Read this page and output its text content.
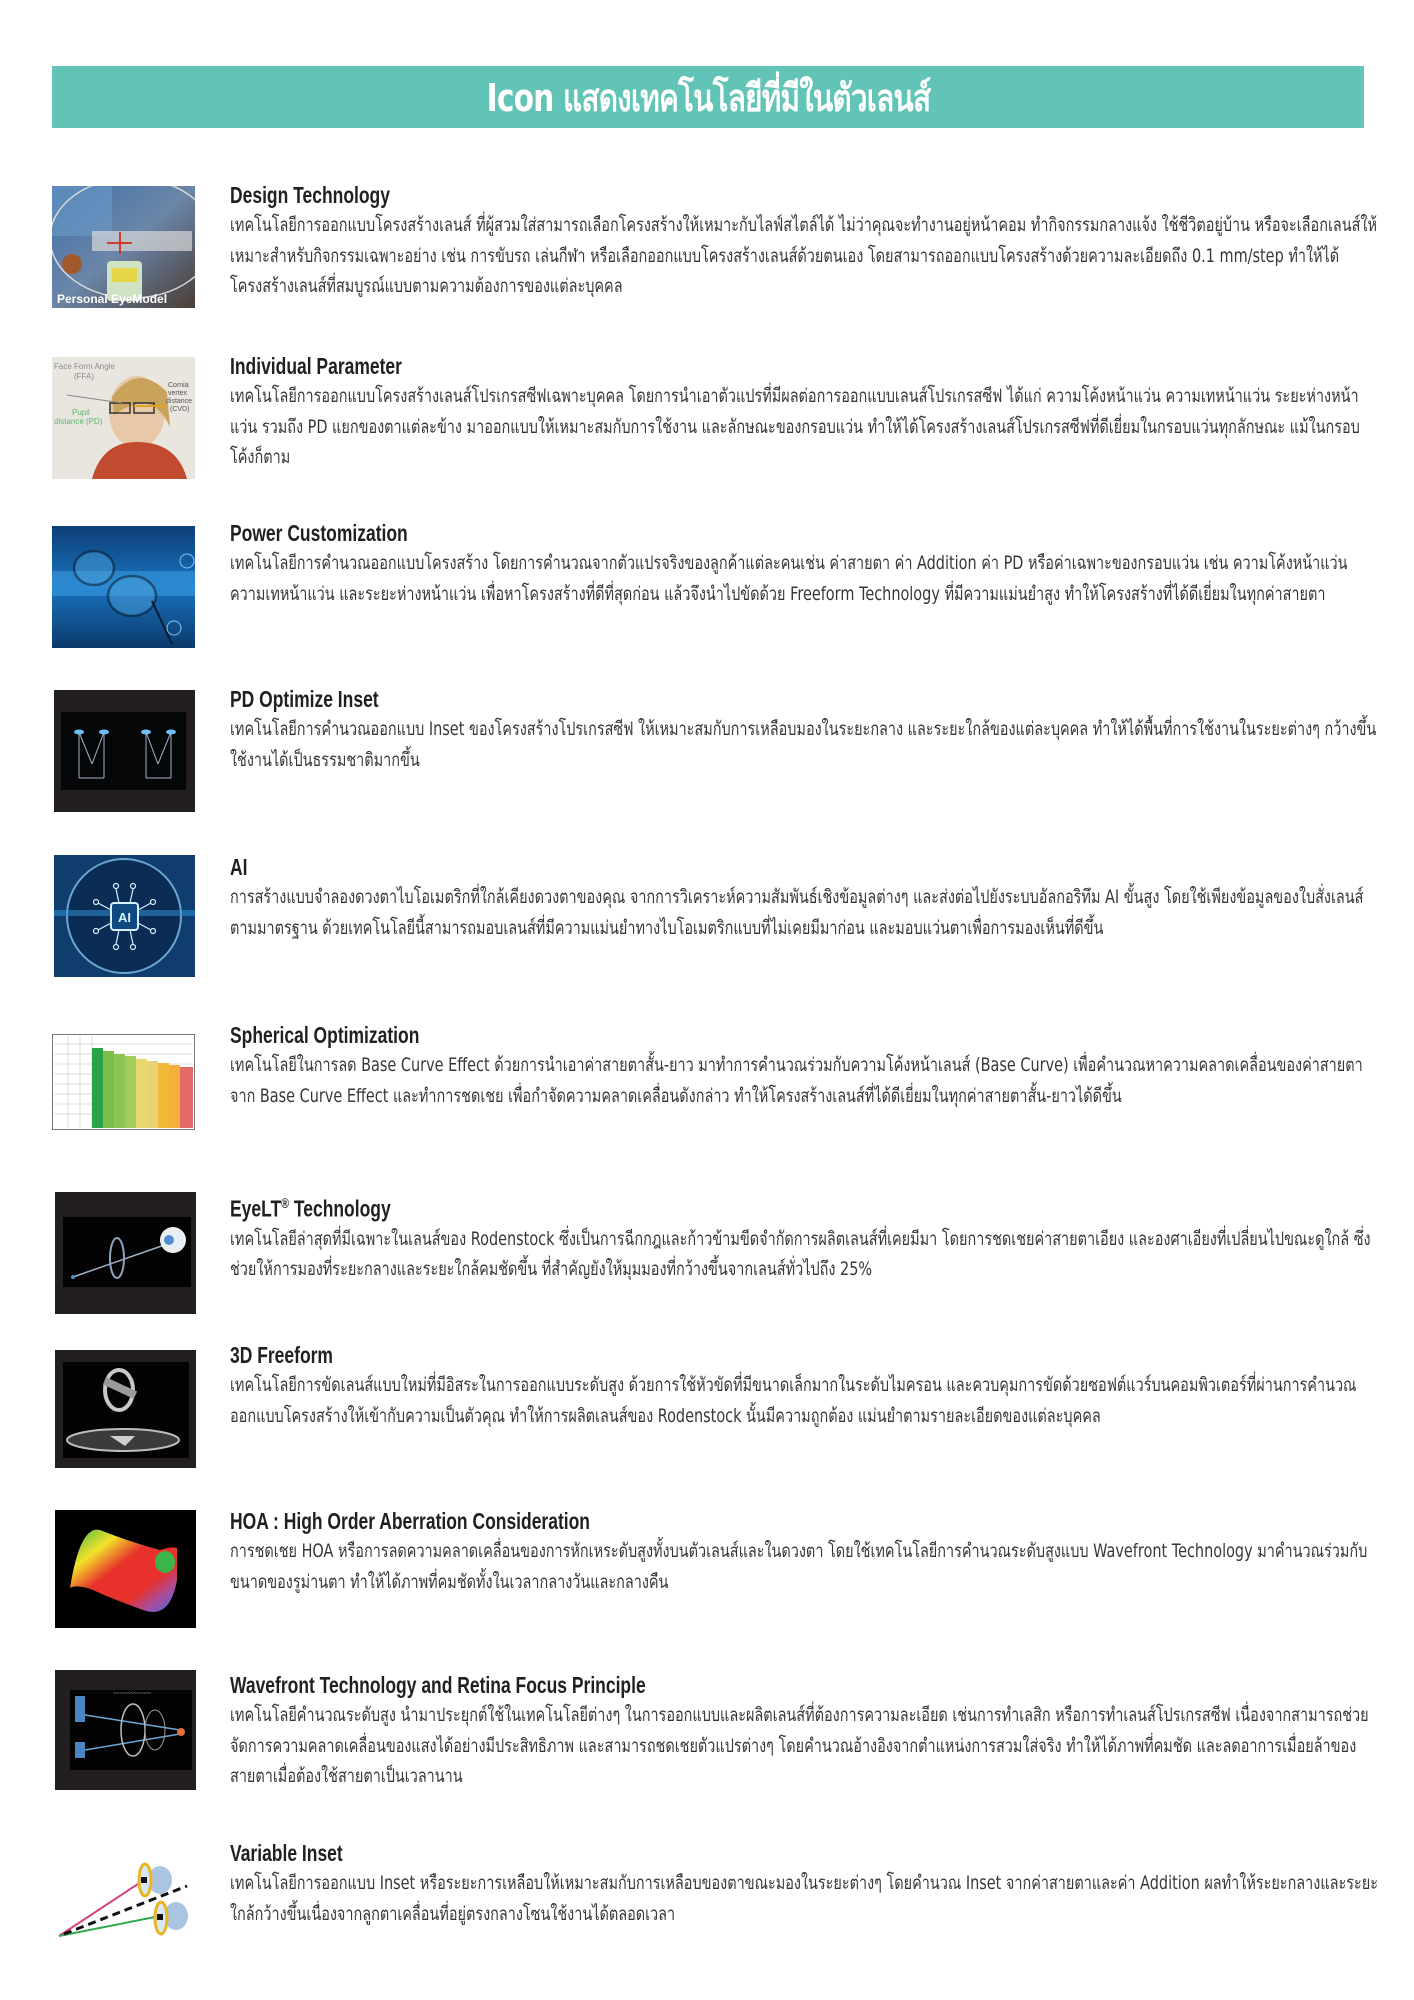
Icon แสดงเทคโนโลยีที่มีในตัวเลนส์
Personal EyeModel
Design Technology

เทคโนโลยีการออกแบบโครงสร้างเลนส์ ที่ผู้สวมใส่สามารถเลือกโครงสร้างให้เหมาะกับไลฟ์สไตล์ได้ ไม่ว่าคุณจะทำงานอยู่หน้าคอม ทำกิจกรรมกลางแจ้ง ใช้ชีวิตอยู่บ้าน หรือจะเลือกเลนส์ให้เหมาะสำหรับกิจกรรมเฉพาะอย่าง เช่น การขับรถ เล่นกีฬา หรือเลือกออกแบบโครงสร้างเลนส์ด้วยตนเอง โดยสามารถออกแบบโครงสร้างด้วยความละเอียดถึง 0.1 mm/step ทำให้ได้โครงสร้างเลนส์ที่สมบูรณ์แบบตามความต้องการของแต่ละบุคคล

Face Form Angle
(FFA)
Cornia
vertex
distance
(CVD)
Pupil
distance (PD)
Individual Parameter

เทคโนโลยีการออกแบบโครงสร้างเลนส์โปรเกรสซีฟเฉพาะบุคคล โดยการนำเอาตัวแปรที่มีผลต่อการออกแบบเลนส์โปรเกรสซีฟ ได้แก่ ความโค้งหน้าแว่น ความเทหน้าแว่น ระยะห่างหน้าแว่น รวมถึง PD แยกของตาแต่ละข้าง มาออกแบบให้เหมาะสมกับการใช้งาน และลักษณะของกรอบแว่น ทำให้ได้โครงสร้างเลนส์โปรเกรสซีฟที่ดีเยี่ยมในกรอบแว่นทุกลักษณะ แม้ในกรอบโค้งก็ตาม

Power Customization

เทคโนโลยีการคำนวณออกแบบโครงสร้าง โดยการคำนวณจากตัวแปรจริงของลูกค้าแต่ละคนเช่น ค่าสายตา ค่า Addition ค่า PD หรือค่าเฉพาะของกรอบแว่น เช่น ความโค้งหน้าแว่น ความเทหน้าแว่น และระยะห่างหน้าแว่น เพื่อหาโครงสร้างที่ดีที่สุดก่อน แล้วจึงนำไปขัดด้วย Freeform Technology ที่มีความแม่นยำสูง ทำให้โครงสร้างที่ได้ดีเยี่ยมในทุกค่าสายตา

PD Optimize Inset

เทคโนโลยีการคำนวณออกแบบ Inset ของโครงสร้างโปรเกรสซีฟ ให้เหมาะสมกับการเหลือบมองในระยะกลาง และระยะใกล้ของแต่ละบุคคล ทำให้ได้พื้นที่การใช้งานในระยะต่างๆ กว้างขึ้น ใช้งานได้เป็นธรรมชาติมากขึ้น

AI
AI

การสร้างแบบจำลองดวงตาไบโอเมตริกที่ใกล้เคียงดวงตาของคุณ จากการวิเคราะห์ความสัมพันธ์เชิงข้อมูลต่างๆ และส่งต่อไปยังระบบอัลกอริทึม AI ขั้นสูง โดยใช้เพียงข้อมูลของใบสั่งเลนส์ตามมาตรฐาน ด้วยเทคโนโลยีนี้สามารถมอบเลนส์ที่มีความแม่นยำทางไบโอเมตริกแบบที่ไม่เคยมีมาก่อน และมอบแว่นตาเพื่อการมองเห็นที่ดีขึ้น

Spherical Optimization

เทคโนโลยีในการลด Base Curve Effect ด้วยการนำเอาค่าสายตาสั้น-ยาว มาทำการคำนวณร่วมกับความโค้งหน้าเลนส์ (Base Curve) เพื่อคำนวณหาความคลาดเคลื่อนของค่าสายตาจาก Base Curve Effect และทำการชดเชย เพื่อกำจัดความคลาดเคลื่อนดังกล่าว ทำให้โครงสร้างเลนส์ที่ได้ดีเยี่ยมในทุกค่าสายตาสั้น-ยาวได้ดีขึ้น

EyeLT® Technology

เทคโนโลยีล่าสุดที่มีเฉพาะในเลนส์ของ Rodenstock ซึ่งเป็นการฉีกกฎและก้าวข้ามขีดจำกัดการผลิตเลนส์ที่เคยมีมา โดยการชดเชยค่าสายตาเอียง และองศาเอียงที่เปลี่ยนไปขณะดูใกล้ ซึ่งช่วยให้การมองที่ระยะกลางและระยะใกล้คมชัดขึ้น ที่สำคัญยังให้มุมมองที่กว้างขึ้นจากเลนส์ทั่วไปถึง 25%

3D Freeform

เทคโนโลยีการขัดเลนส์แบบใหม่ที่มีอิสระในการออกแบบระดับสูง ด้วยการใช้หัวขัดที่มีขนาดเล็กมากในระดับไมครอน และควบคุมการขัดด้วยซอฟต์แวร์บนคอมพิวเตอร์ที่ผ่านการคำนวณออกแบบโครงสร้างให้เข้ากับความเป็นตัวคุณ ทำให้การผลิตเลนส์ของ Rodenstock นั้นมีความถูกต้อง แม่นยำตามรายละเอียดของแต่ละบุคคล

HOA : High Order Aberration Consideration

การชดเชย HOA หรือการลดความคลาดเคลื่อนของการหักเหระดับสูงทั้งบนตัวเลนส์และในดวงตา โดยใช้เทคโนโลยีการคำนวณระดับสูงแบบ Wavefront Technology มาคำนวณร่วมกับขนาดของรูม่านตา ทำให้ได้ภาพที่คมชัดทั้งในเวลากลางวันและกลางคืน

~~~~~~~~~~~~~	Wavefront Technology and Retina Focus Principle

เทคโนโลยีคำนวณระดับสูง นำมาประยุกต์ใช้ในเทคโนโลยีต่างๆ ในการออกแบบและผลิตเลนส์ที่ต้องการความละเอียด เช่นการทำเลสิก หรือการทำเลนส์โปรเกรสซีฟ เนื่องจากสามารถช่วยจัดการความคลาดเคลื่อนของแสงได้อย่างมีประสิทธิภาพ และสามารถชดเชยตัวแปรต่างๆ โดยคำนวณอ้างอิงจากตำแหน่งการสวมใส่จริง ทำให้ได้ภาพที่คมชัด และลดอาการเมื่อยล้าของสายตาเมื่อต้องใช้สายตาเป็นเวลานาน

Variable Inset

เทคโนโลยีการออกแบบ Inset หรือระยะการเหลือบให้เหมาะสมกับการเหลือบของตาขณะมองในระยะต่างๆ โดยคำนวณ Inset จากค่าสายตาและค่า Addition ผลทำให้ระยะกลางและระยะใกล้กว้างขึ้นเนื่องจากลูกตาเคลื่อนที่อยู่ตรงกลางโซนใช้งานได้ตลอดเวลา
